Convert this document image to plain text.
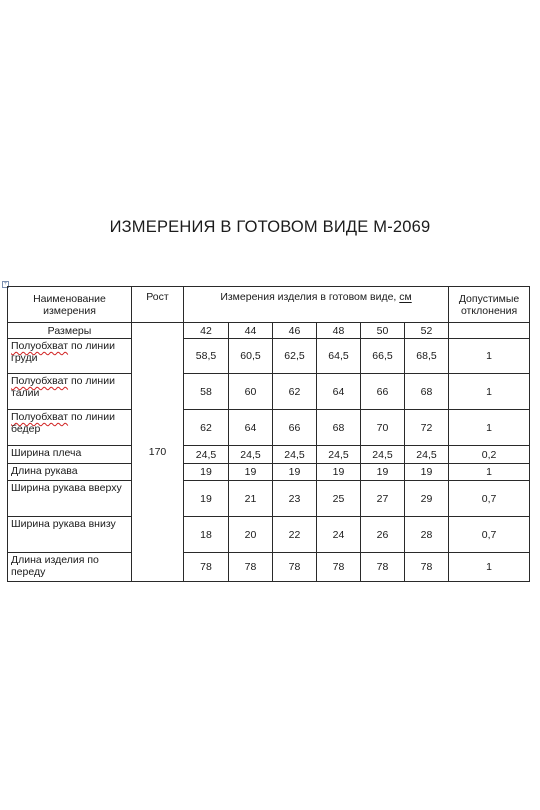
ИЗМЕРЕНИЯ В ГОТОВОМ ВИДЕ М-2069
+
Наименование измерения	Рост	Измерения изделия в готовом виде, см						Допустимые отклонения
Размеры	170	42	44	46	48	50	52	
Полуобхват по линии груди		58,5	60,5	62,5	64,5	66,5	68,5	1
Полуобхват по линии талии		58	60	62	64	66	68	1
Полуобхват по линии бедер		62	64	66	68	70	72	1
Ширина плеча		24,5	24,5	24,5	24,5	24,5	24,5	0,2
Длина рукава		19	19	19	19	19	19	1
Ширина рукава вверху		19	21	23	25	27	29	0,7
Ширина рукава внизу		18	20	22	24	26	28	0,7
Длина изделия по переду		78	78	78	78	78	78	1
